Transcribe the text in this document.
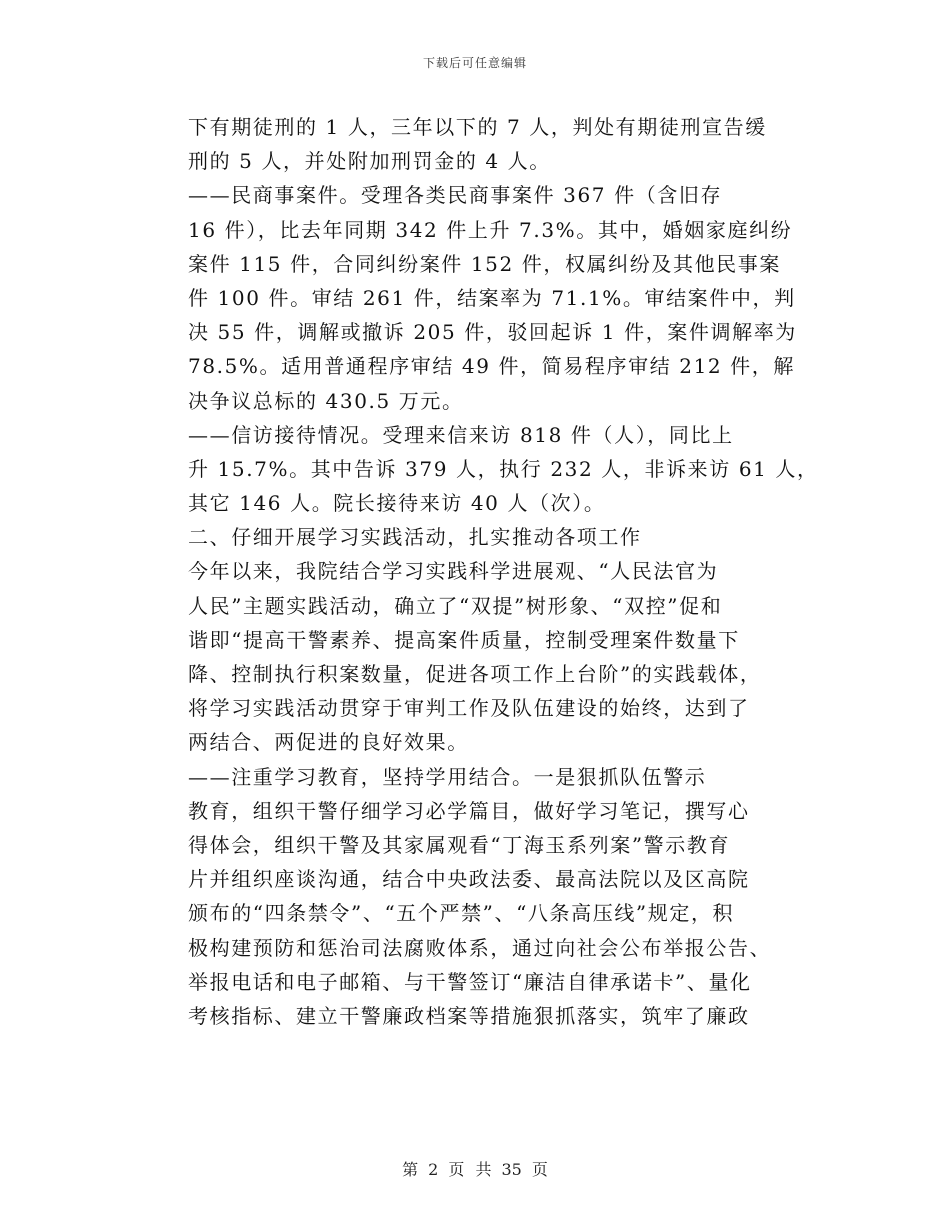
下载后可任意编辑
下有期徒刑的 1 人，三年以下的 7 人，判处有期徒刑宣告缓
刑的 5 人，并处附加刑罚金的 4 人。
——民商事案件。受理各类民商事案件 367 件（含旧存
16 件），比去年同期 342 件上升 7.3%。其中，婚姻家庭纠纷
案件 115 件，合同纠纷案件 152 件，权属纠纷及其他民事案
件 100 件。审结 261 件，结案率为 71.1%。审结案件中，判
决 55 件，调解或撤诉 205 件，驳回起诉 1 件，案件调解率为
78.5%。适用普通程序审结 49 件，简易程序审结 212 件，解
决争议总标的 430.5 万元。
——信访接待情况。受理来信来访 818 件（人），同比上
升 15.7%。其中告诉 379 人，执行 232 人，非诉来访 61 人，
其它 146 人。院长接待来访 40 人（次）。
二、仔细开展学习实践活动，扎实推动各项工作
今年以来，我院结合学习实践科学进展观、“人民法官为
人民”主题实践活动，确立了“双提”树形象、“双控”促和
谐即“提高干警素养、提高案件质量，控制受理案件数量下
降、控制执行积案数量，促进各项工作上台阶”的实践载体，
将学习实践活动贯穿于审判工作及队伍建设的始终，达到了
两结合、两促进的良好效果。
——注重学习教育，坚持学用结合。一是狠抓队伍警示
教育，组织干警仔细学习必学篇目，做好学习笔记，撰写心
得体会，组织干警及其家属观看“丁海玉系列案”警示教育
片并组织座谈沟通，结合中央政法委、最高法院以及区高院
颁布的“四条禁令”、“五个严禁”、“八条高压线”规定，积
极构建预防和惩治司法腐败体系，通过向社会公布举报公告、
举报电话和电子邮箱、与干警签订“廉洁自律承诺卡”、量化
考核指标、建立干警廉政档案等措施狠抓落实，筑牢了廉政
第 2 页 共 35 页
